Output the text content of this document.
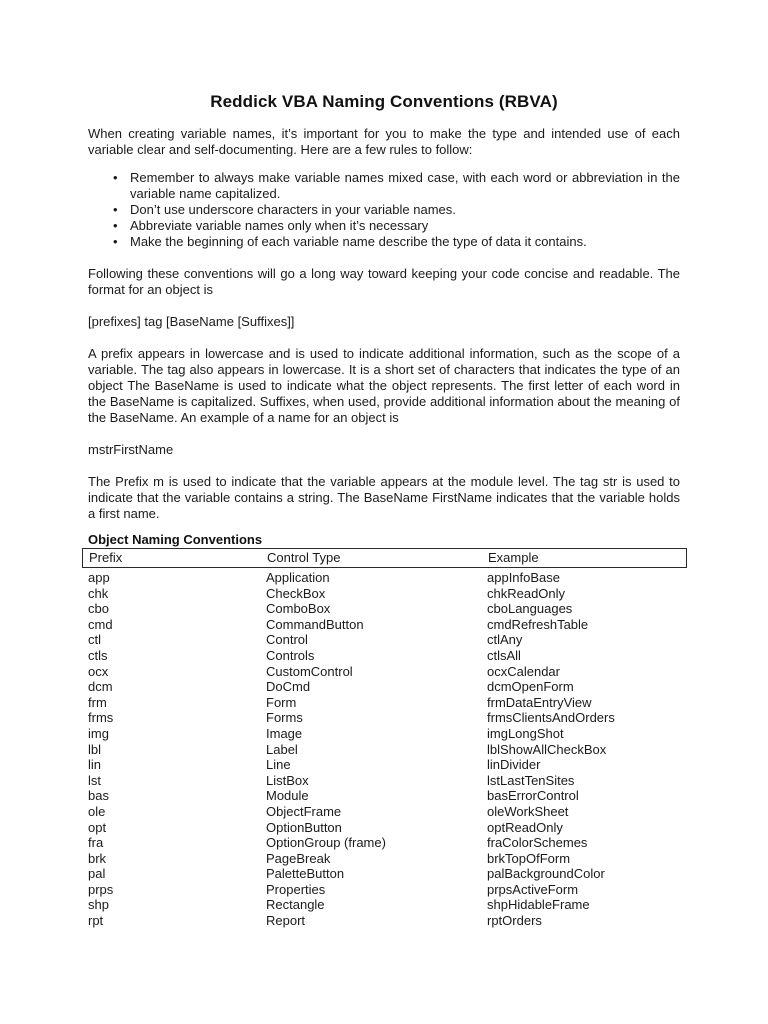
Reddick VBA Naming Conventions (RBVA)

When creating variable names, it’s important for you to make the type and intended use of each variable clear and self-documenting. Here are a few rules to follow:

• Remember to always make variable names mixed case, with each word or abbreviation in the variable name capitalized.
• Don’t use underscore characters in your variable names.
• Abbreviate variable names only when it’s necessary
• Make the beginning of each variable name describe the type of data it contains.

Following these conventions will go a long way toward keeping your code concise and readable. The format for an object is

[prefixes] tag [BaseName [Suffixes]]

A prefix appears in lowercase and is used to indicate additional information, such as the scope of a variable. The tag also appears in lowercase. It is a short set of characters that indicates the type of an object The BaseName is used to indicate what the object represents. The first letter of each word in the BaseName is capitalized. Suffixes, when used, provide additional information about the meaning of the BaseName. An example of a name for an object is

mstrFirstName

The Prefix m is used to indicate that the variable appears at the module level. The tag str is used to indicate that the variable contains a string. The BaseName FirstName indicates that the variable holds a first name.

Object Naming Conventions
Prefix	Control Type	Example
app	Application	appInfoBase
chk	CheckBox	chkReadOnly
cbo	ComboBox	cboLanguages
cmd	CommandButton	cmdRefreshTable
ctl	Control	ctlAny
ctls	Controls	ctlsAll
ocx	CustomControl	ocxCalendar
dcm	DoCmd	dcmOpenForm
frm	Form	frmDataEntryView
frms	Forms	frmsClientsAndOrders
img	Image	imgLongShot
lbl	Label	lblShowAllCheckBox
lin	Line	linDivider
lst	ListBox	lstLastTenSites
bas	Module	basErrorControl
ole	ObjectFrame	oleWorkSheet
opt	OptionButton	optReadOnly
fra	OptionGroup (frame)	fraColorSchemes
brk	PageBreak	brkTopOfForm
pal	PaletteButton	palBackgroundColor
prps	Properties	prpsActiveForm
shp	Rectangle	shpHidableFrame
rpt	Report	rptOrders
